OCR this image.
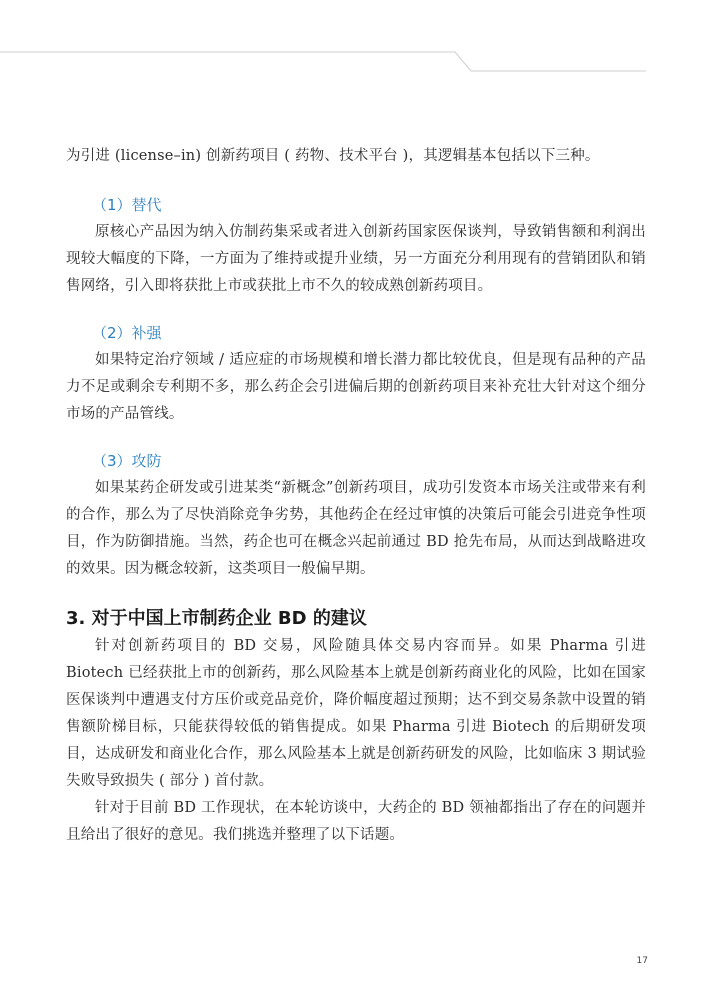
为引进 (license–in) 创新药项目 ( 药物、技术平台 )，其逻辑基本包括以下三种。

（1）替代

原核心产品因为纳入仿制药集采或者进入创新药国家医保谈判，导致销售额和利润出现较大幅度的下降，一方面为了维持或提升业绩，另一方面充分利用现有的营销团队和销售网络，引入即将获批上市或获批上市不久的较成熟创新药项目。

（2）补强

如果特定治疗领域 / 适应症的市场规模和增长潜力都比较优良，但是现有品种的产品力不足或剩余专利期不多，那么药企会引进偏后期的创新药项目来补充壮大针对这个细分市场的产品管线。

（3）攻防

如果某药企研发或引进某类“新概念”创新药项目，成功引发资本市场关注或带来有利的合作，那么为了尽快消除竞争劣势，其他药企在经过审慎的决策后可能会引进竞争性项目，作为防御措施。当然，药企也可在概念兴起前通过 BD 抢先布局，从而达到战略进攻的效果。因为概念较新，这类项目一般偏早期。

3. 对于中国上市制药企业 BD 的建议

针对创新药项目的 BD 交易，风险随具体交易内容而异。如果 Pharma 引进 Biotech 已经获批上市的创新药，那么风险基本上就是创新药商业化的风险，比如在国家医保谈判中遭遇支付方压价或竞品竞价，降价幅度超过预期；达不到交易条款中设置的销售额阶梯目标，只能获得较低的销售提成。如果 Pharma 引进 Biotech 的后期研发项目，达成研发和商业化合作，那么风险基本上就是创新药研发的风险，比如临床 3 期试验失败导致损失 ( 部分 ) 首付款。

针对于目前 BD 工作现状，在本轮访谈中，大药企的 BD 领袖都指出了存在的问题并且给出了很好的意见。我们挑选并整理了以下话题。

17
